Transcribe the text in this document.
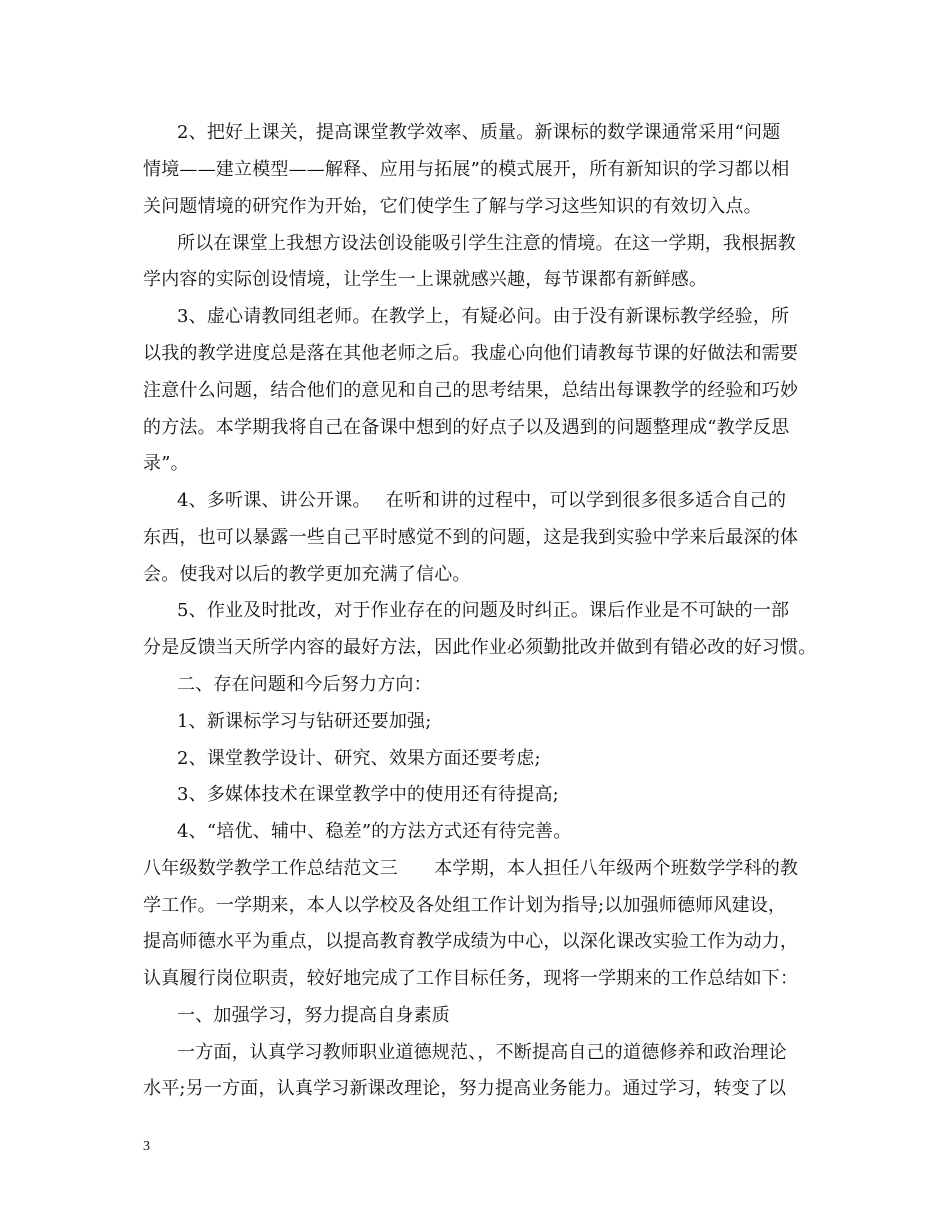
2、把好上课关，提高课堂教学效率、质量。新课标的数学课通常采用“问题
情境——建立模型——解释、应用与拓展”的模式展开，所有新知识的学习都以相
关问题情境的研究作为开始，它们使学生了解与学习这些知识的有效切入点。
所以在课堂上我想方设法创设能吸引学生注意的情境。在这一学期，我根据教
学内容的实际创设情境，让学生一上课就感兴趣，每节课都有新鲜感。
3、虚心请教同组老师。在教学上，有疑必问。由于没有新课标教学经验，所
以我的教学进度总是落在其他老师之后。我虚心向他们请教每节课的好做法和需要
注意什么问题，结合他们的意见和自己的思考结果，总结出每课教学的经验和巧妙
的方法。本学期我将自己在备课中想到的好点子以及遇到的问题整理成“教学反思
录”。
4、多听课、讲公开课。　 在听和讲的过程中，可以学到很多很多适合自己的
东西，也可以暴露一些自己平时感觉不到的问题，这是我到实验中学来后最深的体
会。使我对以后的教学更加充满了信心。
5、作业及时批改，对于作业存在的问题及时纠正。课后作业是不可缺的一部
分是反馈当天所学内容的最好方法，因此作业必须勤批改并做到有错必改的好习惯。
二、存在问题和今后努力方向：
1、新课标学习与钻研还要加强;
2、课堂教学设计、研究、效果方面还要考虑;
3、多媒体技术在课堂教学中的使用还有待提高;
4、“培优、辅中、稳差”的方法方式还有待完善。
八年级数学教学工作总结范文三　　本学期，本人担任八年级两个班数学学科的教
学工作。一学期来，本人以学校及各处组工作计划为指导;以加强师德师风建设，
提高师德水平为重点，以提高教育教学成绩为中心，以深化课改实验工作为动力，
认真履行岗位职责，较好地完成了工作目标任务，现将一学期来的工作总结如下：
一、加强学习，努力提高自身素质
一方面，认真学习教师职业道德规范、，不断提高自己的道德修养和政治理论
水平;另一方面，认真学习新课改理论，努力提高业务能力。通过学习，转变了以
3
